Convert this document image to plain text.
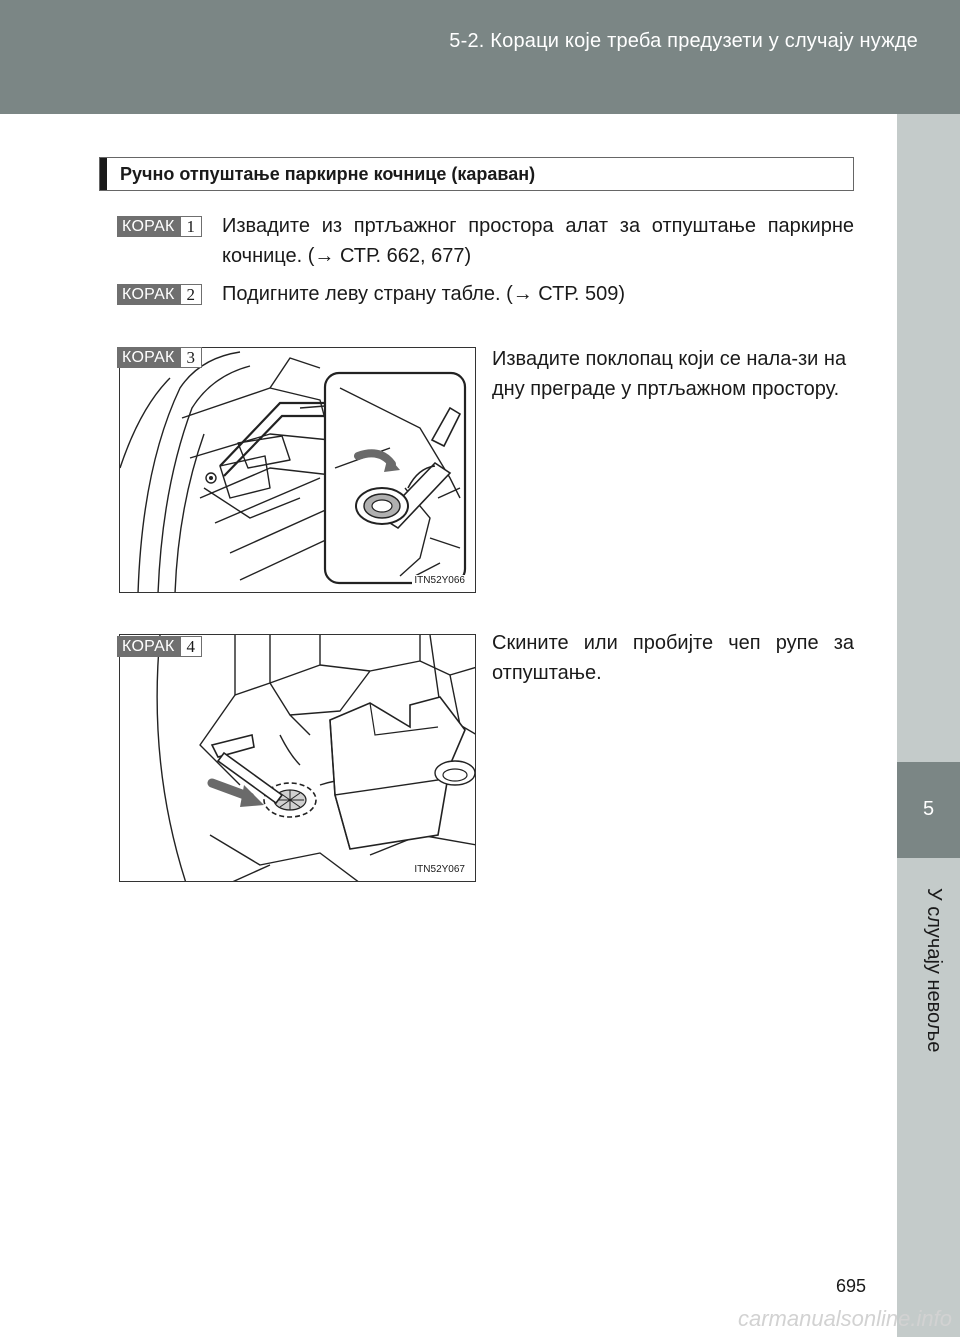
5-2. Кораци које треба предузети у случају нужде
5
У случају невоље
Ручно отпуштање паркирне кочнице (караван)
КОРАК 1	Извадите из пртљажног простора алат за отпуштање паркирне кочнице. (→ СТР. 662, 677)
КОРАК 2	Подигните леву страну табле. (→ СТР. 509)
ITN52Y066
КОРАК 3	Извадите поклопац који се нала-зи на дну преграде у пртљажном простору.
ITN52Y067
КОРАК 4	Скините или пробијте чеп рупе за отпуштање.
695
carmanualsonline.info
